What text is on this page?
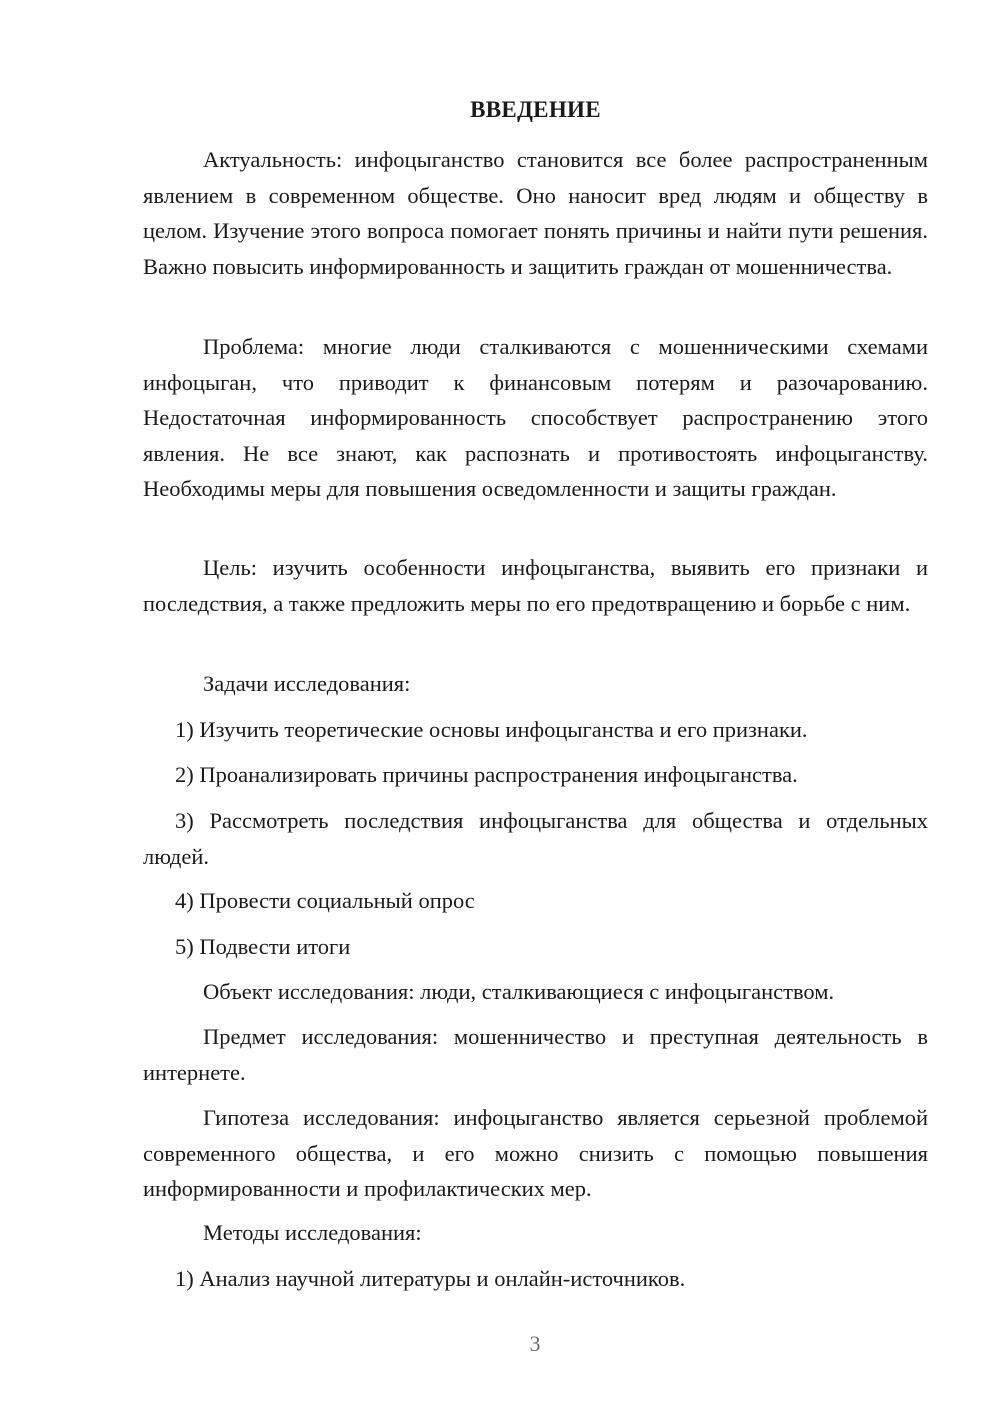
ВВЕДЕНИЕ

Актуальность: инфоцыганство становится все более распространенным явлением в современном обществе. Оно наносит вред людям и обществу в целом. Изучение этого вопроса помогает понять причины и найти пути решения. Важно повысить информированность и защитить граждан от мошенничества.

Проблема: многие люди сталкиваются с мошенническими схемами инфоцыган, что приводит к финансовым потерям и разочарованию. Недостаточная информированность способствует распространению этого явления. Не все знают, как распознать и противостоять инфоцыганству. Необходимы меры для повышения осведомленности и защиты граждан.

Цель: изучить особенности инфоцыганства, выявить его признаки и последствия, а также предложить меры по его предотвращению и борьбе с ним.

Задачи исследования:

1) Изучить теоретические основы инфоцыганства и его признаки.

2) Проанализировать причины распространения инфоцыганства.

3) Рассмотреть последствия инфоцыганства для общества и отдельных людей.

4) Провести социальный опрос

5) Подвести итоги

Объект исследования: люди, сталкивающиеся с инфоцыганством.

Предмет исследования: мошенничество и преступная деятельность в интернете.

Гипотеза исследования: инфоцыганство является серьезной проблемой современного общества, и его можно снизить с помощью повышения информированности и профилактических мер.

Методы исследования:

1) Анализ научной литературы и онлайн-источников.

3
